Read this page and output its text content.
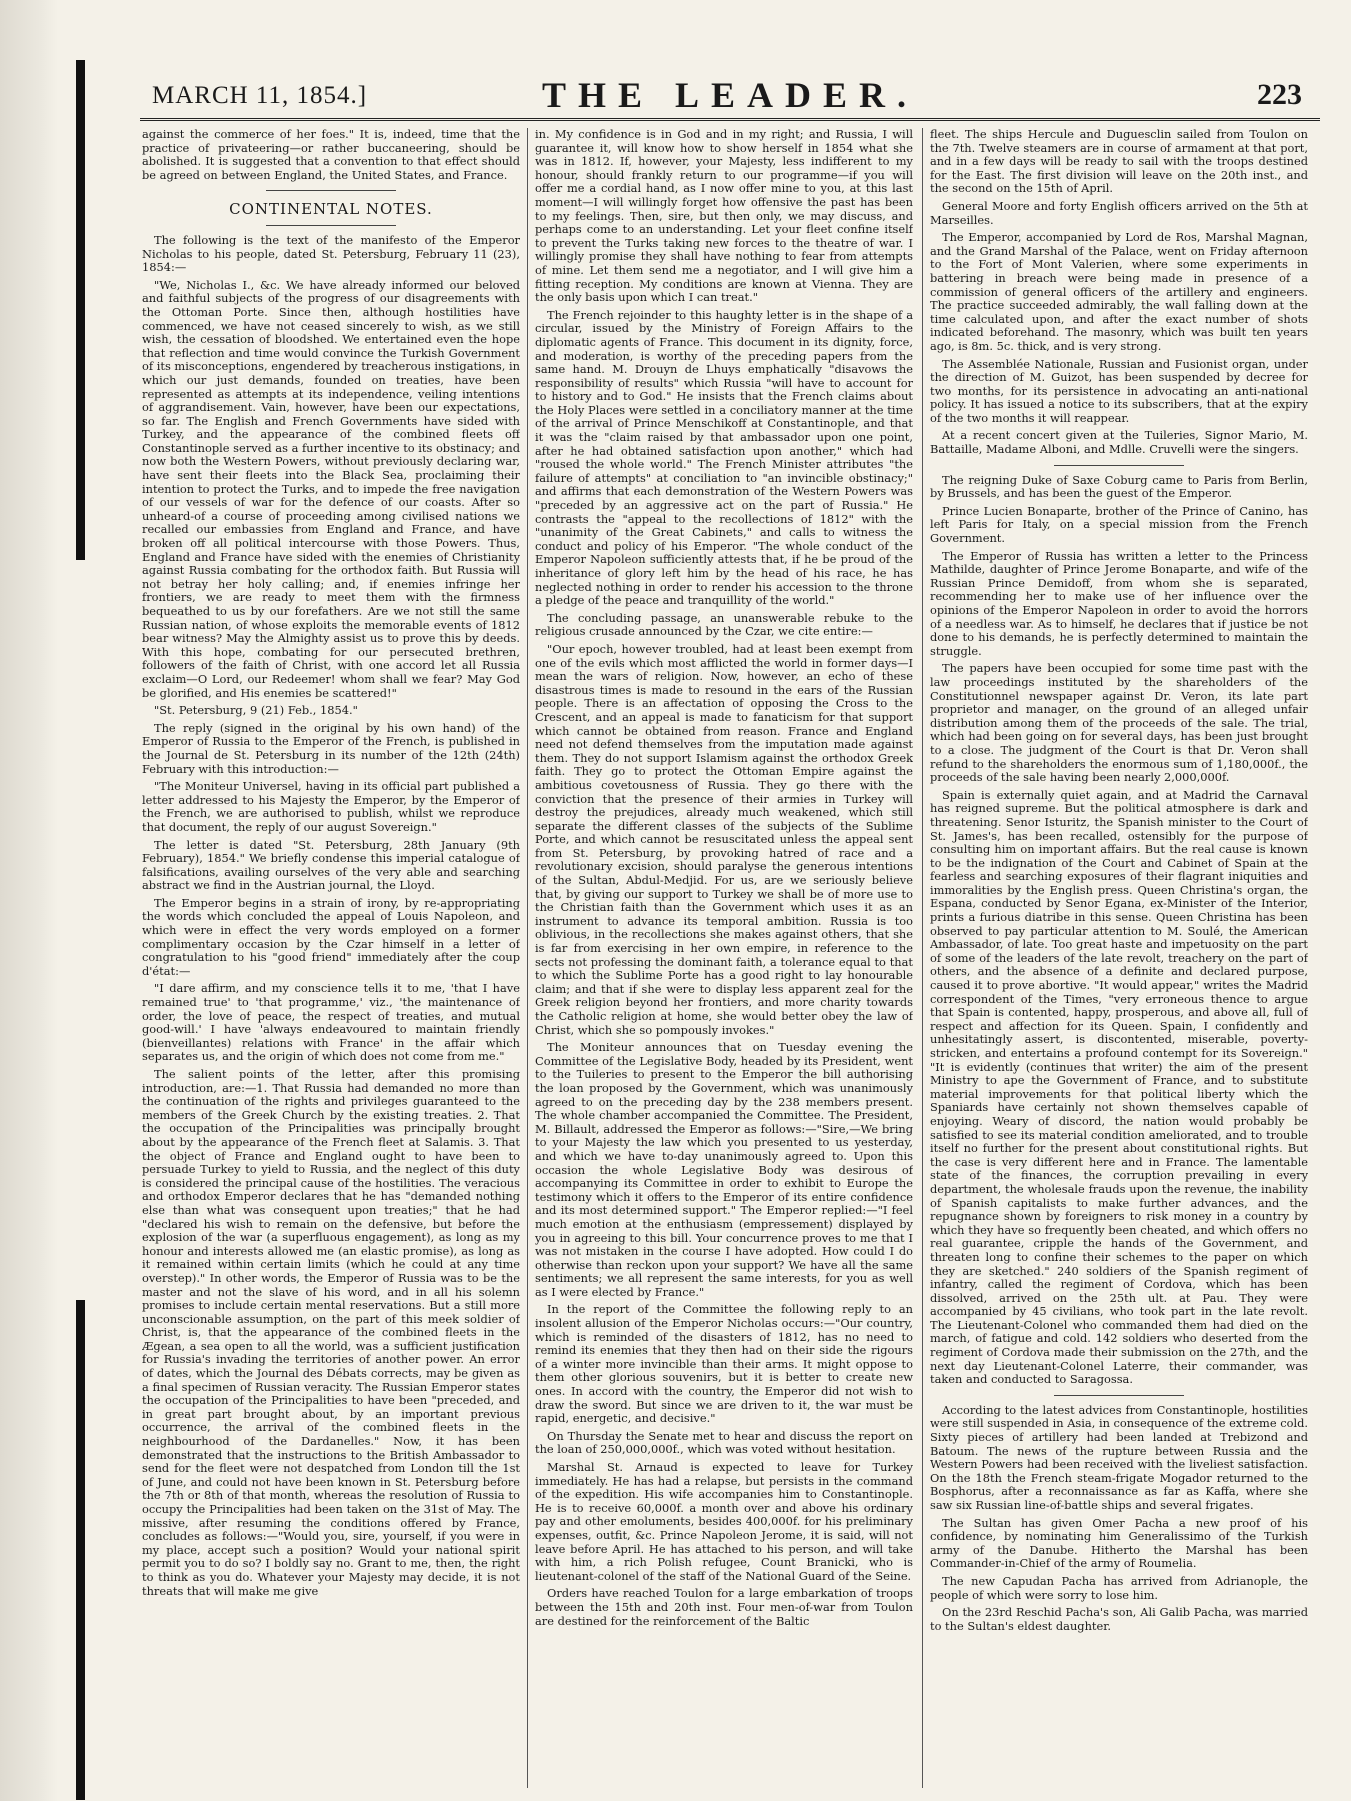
MARCH 11, 1854.]	THE LEADER.	223

against the commerce of her foes." It is, indeed, time that the practice of privateering—or rather buccaneering, should be abolished. It is suggested that a convention to that effect should be agreed on between England, the United States, and France.

CONTINENTAL NOTES.

The following is the text of the manifesto of the Emperor Nicholas to his people, dated St. Petersburg, February 11 (23), 1854:—

"We, Nicholas I., &c. We have already informed our beloved and faithful subjects of the progress of our disagreements with the Ottoman Porte. Since then, although hostilities have commenced, we have not ceased sincerely to wish, as we still wish, the cessation of bloodshed. We entertained even the hope that reflection and time would convince the Turkish Government of its misconceptions, engendered by treacherous instigations, in which our just demands, founded on treaties, have been represented as attempts at its independence, veiling intentions of aggrandisement. Vain, however, have been our expectations, so far. The English and French Governments have sided with Turkey, and the appearance of the combined fleets off Constantinople served as a further incentive to its obstinacy; and now both the Western Powers, without previously declaring war, have sent their fleets into the Black Sea, proclaiming their intention to protect the Turks, and to impede the free navigation of our vessels of war for the defence of our coasts. After so unheard-of a course of proceeding among civilised nations we recalled our embassies from England and France, and have broken off all political intercourse with those Powers. Thus, England and France have sided with the enemies of Christianity against Russia combating for the orthodox faith. But Russia will not betray her holy calling; and, if enemies infringe her frontiers, we are ready to meet them with the firmness bequeathed to us by our forefathers. Are we not still the same Russian nation, of whose exploits the memorable events of 1812 bear witness? May the Almighty assist us to prove this by deeds. With this hope, combating for our persecuted brethren, followers of the faith of Christ, with one accord let all Russia exclaim—O Lord, our Redeemer! whom shall we fear? May God be glorified, and His enemies be scattered!"

"St. Petersburg, 9 (21) Feb., 1854."

The reply (signed in the original by his own hand) of the Emperor of Russia to the Emperor of the French, is published in the Journal de St. Petersburg in its number of the 12th (24th) February with this introduction:—

"The Moniteur Universel, having in its official part published a letter addressed to his Majesty the Emperor, by the Emperor of the French, we are authorised to publish, whilst we reproduce that document, the reply of our august Sovereign."

The letter is dated "St. Petersburg, 28th January (9th February), 1854." We briefly condense this imperial catalogue of falsifications, availing ourselves of the very able and searching abstract we find in the Austrian journal, the Lloyd.

The Emperor begins in a strain of irony, by re-appropriating the words which concluded the appeal of Louis Napoleon, and which were in effect the very words employed on a former complimentary occasion by the Czar himself in a letter of congratulation to his "good friend" immediately after the coup d'état:—

"I dare affirm, and my conscience tells it to me, 'that I have remained true' to 'that programme,' viz., 'the maintenance of order, the love of peace, the respect of treaties, and mutual good-will.' I have 'always endeavoured to maintain friendly (bienveillantes) relations with France' in the affair which separates us, and the origin of which does not come from me."

The salient points of the letter, after this promising introduction, are:—1. That Russia had demanded no more than the continuation of the rights and privileges guaranteed to the members of the Greek Church by the existing treaties. 2. That the occupation of the Principalities was principally brought about by the appearance of the French fleet at Salamis. 3. That the object of France and England ought to have been to persuade Turkey to yield to Russia, and the neglect of this duty is considered the principal cause of the hostilities. The veracious and orthodox Emperor declares that he has "demanded nothing else than what was consequent upon treaties;" that he had "declared his wish to remain on the defensive, but before the explosion of the war (a superfluous engagement), as long as my honour and interests allowed me (an elastic promise), as long as it remained within certain limits (which he could at any time overstep)." In other words, the Emperor of Russia was to be the master and not the slave of his word, and in all his solemn promises to include certain mental reservations. But a still more unconscionable assumption, on the part of this meek soldier of Christ, is, that the appearance of the combined fleets in the Ægean, a sea open to all the world, was a sufficient justification for Russia's invading the territories of another power. An error of dates, which the Journal des Débats corrects, may be given as a final specimen of Russian veracity. The Russian Emperor states the occupation of the Principalities to have been "preceded, and in great part brought about, by an important previous occurrence, the arrival of the combined fleets in the neighbourhood of the Dardanelles." Now, it has been demonstrated that the instructions to the British Ambassador to send for the fleet were not despatched from London till the 1st of June, and could not have been known in St. Petersburg before the 7th or 8th of that month, whereas the resolution of Russia to occupy the Principalities had been taken on the 31st of May. The missive, after resuming the conditions offered by France, concludes as follows:—"Would you, sire, yourself, if you were in my place, accept such a position? Would your national spirit permit you to do so? I boldly say no. Grant to me, then, the right to think as you do. Whatever your Majesty may decide, it is not threats that will make me give

in. My confidence is in God and in my right; and Russia, I will guarantee it, will know how to show herself in 1854 what she was in 1812. If, however, your Majesty, less indifferent to my honour, should frankly return to our programme—if you will offer me a cordial hand, as I now offer mine to you, at this last moment—I will willingly forget how offensive the past has been to my feelings. Then, sire, but then only, we may discuss, and perhaps come to an understanding. Let your fleet confine itself to prevent the Turks taking new forces to the theatre of war. I willingly promise they shall have nothing to fear from attempts of mine. Let them send me a negotiator, and I will give him a fitting reception. My conditions are known at Vienna. They are the only basis upon which I can treat."

The French rejoinder to this haughty letter is in the shape of a circular, issued by the Ministry of Foreign Affairs to the diplomatic agents of France. This document in its dignity, force, and moderation, is worthy of the preceding papers from the same hand. M. Drouyn de Lhuys emphatically "disavows the responsibility of results" which Russia "will have to account for to history and to God." He insists that the French claims about the Holy Places were settled in a conciliatory manner at the time of the arrival of Prince Menschikoff at Constantinople, and that it was the "claim raised by that ambassador upon one point, after he had obtained satisfaction upon another," which had "roused the whole world." The French Minister attributes "the failure of attempts" at conciliation to "an invincible obstinacy;" and affirms that each demonstration of the Western Powers was "preceded by an aggressive act on the part of Russia." He contrasts the "appeal to the recollections of 1812" with the "unanimity of the Great Cabinets," and calls to witness the conduct and policy of his Emperor. "The whole conduct of the Emperor Napoleon sufficiently attests that, if he be proud of the inheritance of glory left him by the head of his race, he has neglected nothing in order to render his accession to the throne a pledge of the peace and tranquillity of the world."

The concluding passage, an unanswerable rebuke to the religious crusade announced by the Czar, we cite entire:—

"Our epoch, however troubled, had at least been exempt from one of the evils which most afflicted the world in former days—I mean the wars of religion. Now, however, an echo of these disastrous times is made to resound in the ears of the Russian people. There is an affectation of opposing the Cross to the Crescent, and an appeal is made to fanaticism for that support which cannot be obtained from reason. France and England need not defend themselves from the imputation made against them. They do not support Islamism against the orthodox Greek faith. They go to protect the Ottoman Empire against the ambitious covetousness of Russia. They go there with the conviction that the presence of their armies in Turkey will destroy the prejudices, already much weakened, which still separate the different classes of the subjects of the Sublime Porte, and which cannot be resuscitated unless the appeal sent from St. Petersburg, by provoking hatred of race and a revolutionary excision, should paralyse the generous intentions of the Sultan, Abdul-Medjid. For us, are we seriously believe that, by giving our support to Turkey we shall be of more use to the Christian faith than the Government which uses it as an instrument to advance its temporal ambition. Russia is too oblivious, in the recollections she makes against others, that she is far from exercising in her own empire, in reference to the sects not professing the dominant faith, a tolerance equal to that to which the Sublime Porte has a good right to lay honourable claim; and that if she were to display less apparent zeal for the Greek religion beyond her frontiers, and more charity towards the Catholic religion at home, she would better obey the law of Christ, which she so pompously invokes."

The Moniteur announces that on Tuesday evening the Committee of the Legislative Body, headed by its President, went to the Tuileries to present to the Emperor the bill authorising the loan proposed by the Government, which was unanimously agreed to on the preceding day by the 238 members present. The whole chamber accompanied the Committee. The President, M. Billault, addressed the Emperor as follows:—"Sire,—We bring to your Majesty the law which you presented to us yesterday, and which we have to-day unanimously agreed to. Upon this occasion the whole Legislative Body was desirous of accompanying its Committee in order to exhibit to Europe the testimony which it offers to the Emperor of its entire confidence and its most determined support." The Emperor replied:—"I feel much emotion at the enthusiasm (empressement) displayed by you in agreeing to this bill. Your concurrence proves to me that I was not mistaken in the course I have adopted. How could I do otherwise than reckon upon your support? We have all the same sentiments; we all represent the same interests, for you as well as I were elected by France."

In the report of the Committee the following reply to an insolent allusion of the Emperor Nicholas occurs:—"Our country, which is reminded of the disasters of 1812, has no need to remind its enemies that they then had on their side the rigours of a winter more invincible than their arms. It might oppose to them other glorious souvenirs, but it is better to create new ones. In accord with the country, the Emperor did not wish to draw the sword. But since we are driven to it, the war must be rapid, energetic, and decisive."

On Thursday the Senate met to hear and discuss the report on the loan of 250,000,000f., which was voted without hesitation.

Marshal St. Arnaud is expected to leave for Turkey immediately. He has had a relapse, but persists in the command of the expedition. His wife accompanies him to Constantinople. He is to receive 60,000f. a month over and above his ordinary pay and other emoluments, besides 400,000f. for his preliminary expenses, outfit, &c. Prince Napoleon Jerome, it is said, will not leave before April. He has attached to his person, and will take with him, a rich Polish refugee, Count Branicki, who is lieutenant-colonel of the staff of the National Guard of the Seine.

Orders have reached Toulon for a large embarkation of troops between the 15th and 20th inst. Four men-of-war from Toulon are destined for the reinforcement of the Baltic

fleet. The ships Hercule and Duguesclin sailed from Toulon on the 7th. Twelve steamers are in course of armament at that port, and in a few days will be ready to sail with the troops destined for the East. The first division will leave on the 20th inst., and the second on the 15th of April.

General Moore and forty English officers arrived on the 5th at Marseilles.

The Emperor, accompanied by Lord de Ros, Marshal Magnan, and the Grand Marshal of the Palace, went on Friday afternoon to the Fort of Mont Valerien, where some experiments in battering in breach were being made in presence of a commission of general officers of the artillery and engineers. The practice succeeded admirably, the wall falling down at the time calculated upon, and after the exact number of shots indicated beforehand. The masonry, which was built ten years ago, is 8m. 5c. thick, and is very strong.

The Assemblée Nationale, Russian and Fusionist organ, under the direction of M. Guizot, has been suspended by decree for two months, for its persistence in advocating an anti-national policy. It has issued a notice to its subscribers, that at the expiry of the two months it will reappear.

At a recent concert given at the Tuileries, Signor Mario, M. Battaille, Madame Alboni, and Mdlle. Cruvelli were the singers.

The reigning Duke of Saxe Coburg came to Paris from Berlin, by Brussels, and has been the guest of the Emperor.

Prince Lucien Bonaparte, brother of the Prince of Canino, has left Paris for Italy, on a special mission from the French Government.

The Emperor of Russia has written a letter to the Princess Mathilde, daughter of Prince Jerome Bonaparte, and wife of the Russian Prince Demidoff, from whom she is separated, recommending her to make use of her influence over the opinions of the Emperor Napoleon in order to avoid the horrors of a needless war. As to himself, he declares that if justice be not done to his demands, he is perfectly determined to maintain the struggle.

The papers have been occupied for some time past with the law proceedings instituted by the shareholders of the Constitutionnel newspaper against Dr. Veron, its late part proprietor and manager, on the ground of an alleged unfair distribution among them of the proceeds of the sale. The trial, which had been going on for several days, has been just brought to a close. The judgment of the Court is that Dr. Veron shall refund to the shareholders the enormous sum of 1,180,000f., the proceeds of the sale having been nearly 2,000,000f.

Spain is externally quiet again, and at Madrid the Carnaval has reigned supreme. But the political atmosphere is dark and threatening. Senor Isturitz, the Spanish minister to the Court of St. James's, has been recalled, ostensibly for the purpose of consulting him on important affairs. But the real cause is known to be the indignation of the Court and Cabinet of Spain at the fearless and searching exposures of their flagrant iniquities and immoralities by the English press. Queen Christina's organ, the Espana, conducted by Senor Egana, ex-Minister of the Interior, prints a furious diatribe in this sense. Queen Christina has been observed to pay particular attention to M. Soulé, the American Ambassador, of late. Too great haste and impetuosity on the part of some of the leaders of the late revolt, treachery on the part of others, and the absence of a definite and declared purpose, caused it to prove abortive. "It would appear," writes the Madrid correspondent of the Times, "very erroneous thence to argue that Spain is contented, happy, prosperous, and above all, full of respect and affection for its Queen. Spain, I confidently and unhesitatingly assert, is discontented, miserable, poverty-stricken, and entertains a profound contempt for its Sovereign." "It is evidently (continues that writer) the aim of the present Ministry to ape the Government of France, and to substitute material improvements for that political liberty which the Spaniards have certainly not shown themselves capable of enjoying. Weary of discord, the nation would probably be satisfied to see its material condition ameliorated, and to trouble itself no further for the present about constitutional rights. But the case is very different here and in France. The lamentable state of the finances, the corruption prevailing in every department, the wholesale frauds upon the revenue, the inability of Spanish capitalists to make further advances, and the repugnance shown by foreigners to risk money in a country by which they have so frequently been cheated, and which offers no real guarantee, cripple the hands of the Government, and threaten long to confine their schemes to the paper on which they are sketched." 240 soldiers of the Spanish regiment of infantry, called the regiment of Cordova, which has been dissolved, arrived on the 25th ult. at Pau. They were accompanied by 45 civilians, who took part in the late revolt. The Lieutenant-Colonel who commanded them had died on the march, of fatigue and cold. 142 soldiers who deserted from the regiment of Cordova made their submission on the 27th, and the next day Lieutenant-Colonel Laterre, their commander, was taken and conducted to Saragossa.

According to the latest advices from Constantinople, hostilities were still suspended in Asia, in consequence of the extreme cold. Sixty pieces of artillery had been landed at Trebizond and Batoum. The news of the rupture between Russia and the Western Powers had been received with the liveliest satisfaction. On the 18th the French steam-frigate Mogador returned to the Bosphorus, after a reconnaissance as far as Kaffa, where she saw six Russian line-of-battle ships and several frigates.

The Sultan has given Omer Pacha a new proof of his confidence, by nominating him Generalissimo of the Turkish army of the Danube. Hitherto the Marshal has been Commander-in-Chief of the army of Roumelia.

The new Capudan Pacha has arrived from Adrianople, the people of which were sorry to lose him.

On the 23rd Reschid Pacha's son, Ali Galib Pacha, was married to the Sultan's eldest daughter.
